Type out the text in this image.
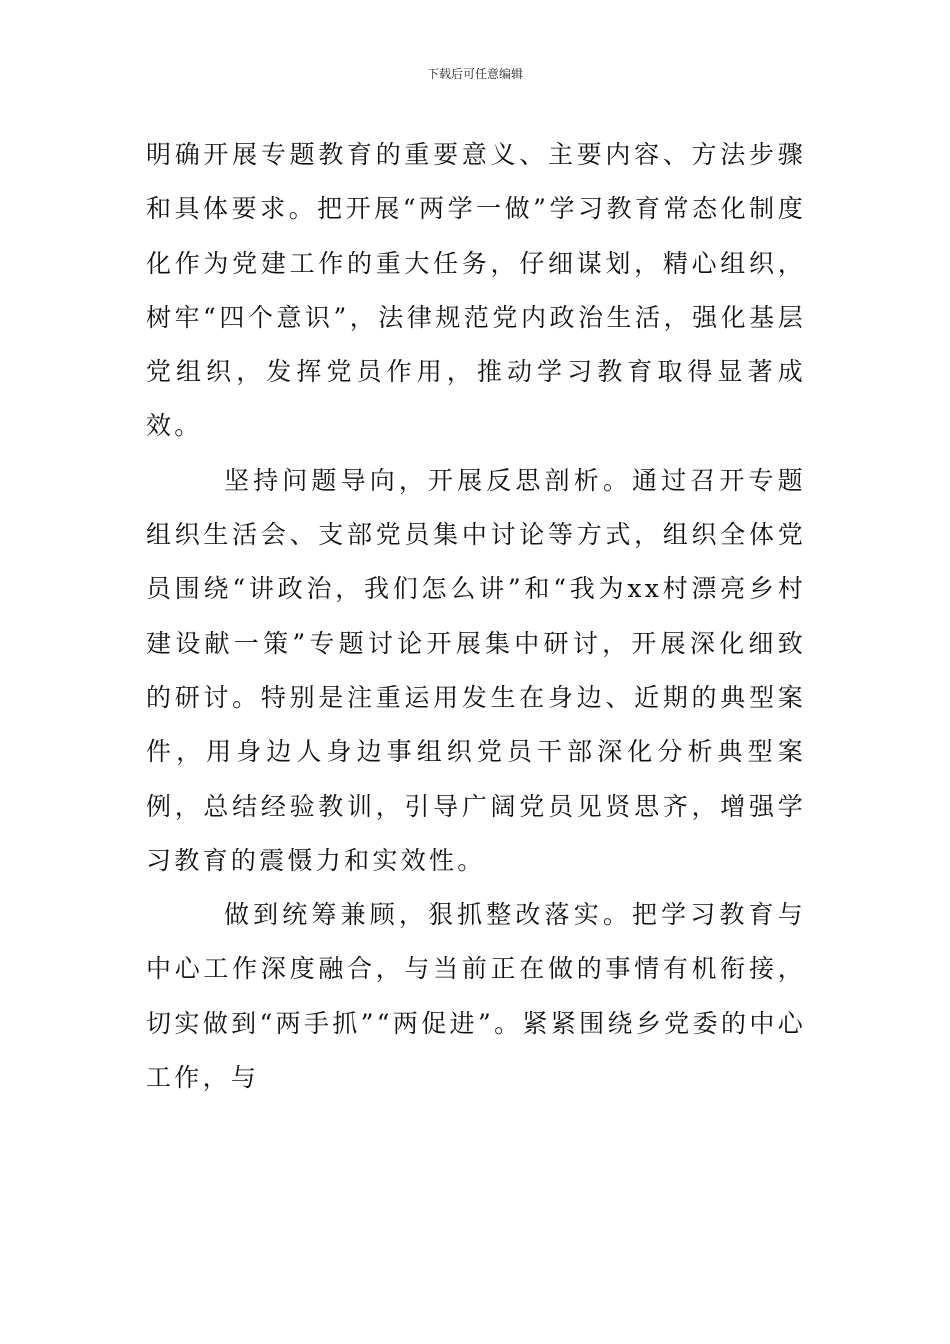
下载后可任意编辑

明确开展专题教育的重要意义、主要内容、方法步骤和具体要求。把开展“两学一做”学习教育常态化制度化作为党建工作的重大任务，仔细谋划，精心组织，树牢“四个意识”，法律规范党内政治生活，强化基层党组织，发挥党员作用，推动学习教育取得显著成效。

坚持问题导向，开展反思剖析。通过召开专题组织生活会、支部党员集中讨论等方式，组织全体党员围绕“讲政治，我们怎么讲”和“我为xx村漂亮乡村建设献一策”专题讨论开展集中研讨，开展深化细致的研讨。特别是注重运用发生在身边、近期的典型案件，用身边人身边事组织党员干部深化分析典型案例，总结经验教训，引导广阔党员见贤思齐，增强学习教育的震慑力和实效性。

做到统筹兼顾，狠抓整改落实。把学习教育与中心工作深度融合，与当前正在做的事情有机衔接，切实做到“两手抓”“两促进”。紧紧围绕乡党委的中心工作，与
